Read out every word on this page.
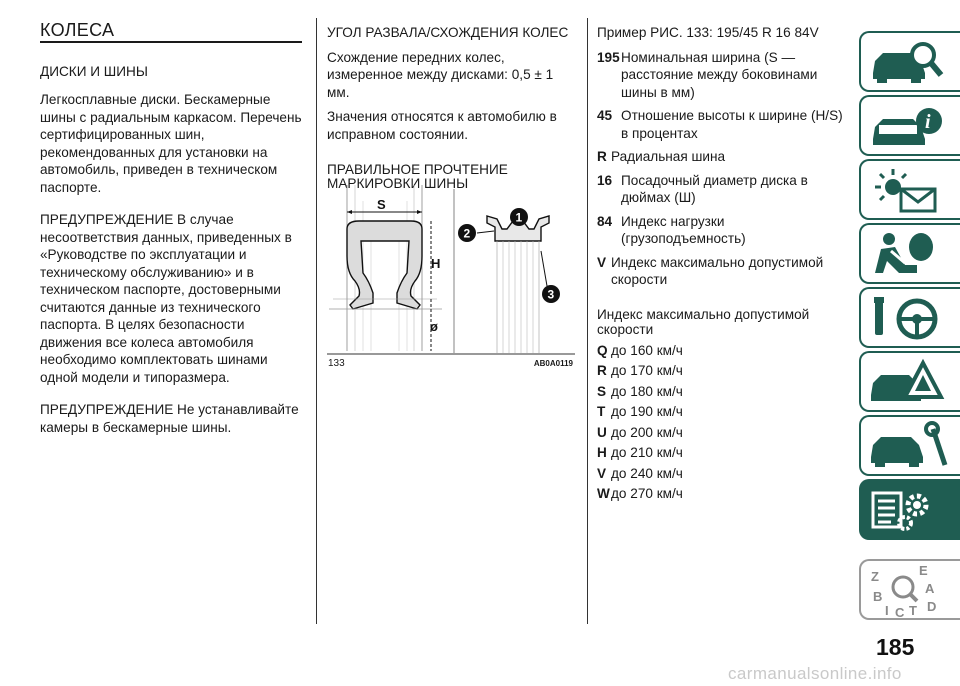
КОЛЕСА

ДИСКИ И ШИНЫ

Легкосплавные диски. Бескамерные шины с радиальным каркасом. Перечень сертифицированных шин, рекомендованных для установки на автомобиль, приведен в техническом паспорте.

ПРЕДУПРЕЖДЕНИЕ В случае несоответствия данных, приведенных в «Руководстве по эксплуатации и техническому обслуживанию» и в техническом паспорте, достоверными считаются данные из технического паспорта. В целях безопасности движения все колеса автомобиля необходимо комплектовать шинами одной модели и типоразмера.

ПРЕДУПРЕЖДЕНИЕ Не устанавливайте камеры в бескамерные шины.

УГОЛ РАЗВАЛА/СХОЖДЕНИЯ КОЛЕС

Схождение передних колес, измеренное между дисками: 0,5 ± 1 мм.

Значения относятся к автомобилю в исправном состоянии.

ПРАВИЛЬНОЕ ПРОЧТЕНИЕ МАРКИРОВКИ ШИНЫ

S
H
ø
1
2
3
133	AB0A0119

Пример РИС. 133: 195/45 R 16 84V

195 Номинальная ширина (S — расстояние между боковинами шины в мм)
45 Отношение высоты к ширине (H/S) в процентах
R Радиальная шина
16 Посадочный диаметр диска в дюймах (Ш)
84 Индекс нагрузки (грузоподъемность)
V Индекс максимально допустимой скорости

Индекс максимально допустимой скорости

Q до 160 км/ч
R до 170 км/ч
S до 180 км/ч
T до 190 км/ч
U до 200 км/ч
H до 210 км/ч
V до 240 км/ч
W до 270 км/ч
i
Z	E
A
B
D
I C T
185
carmanualsonline.info
